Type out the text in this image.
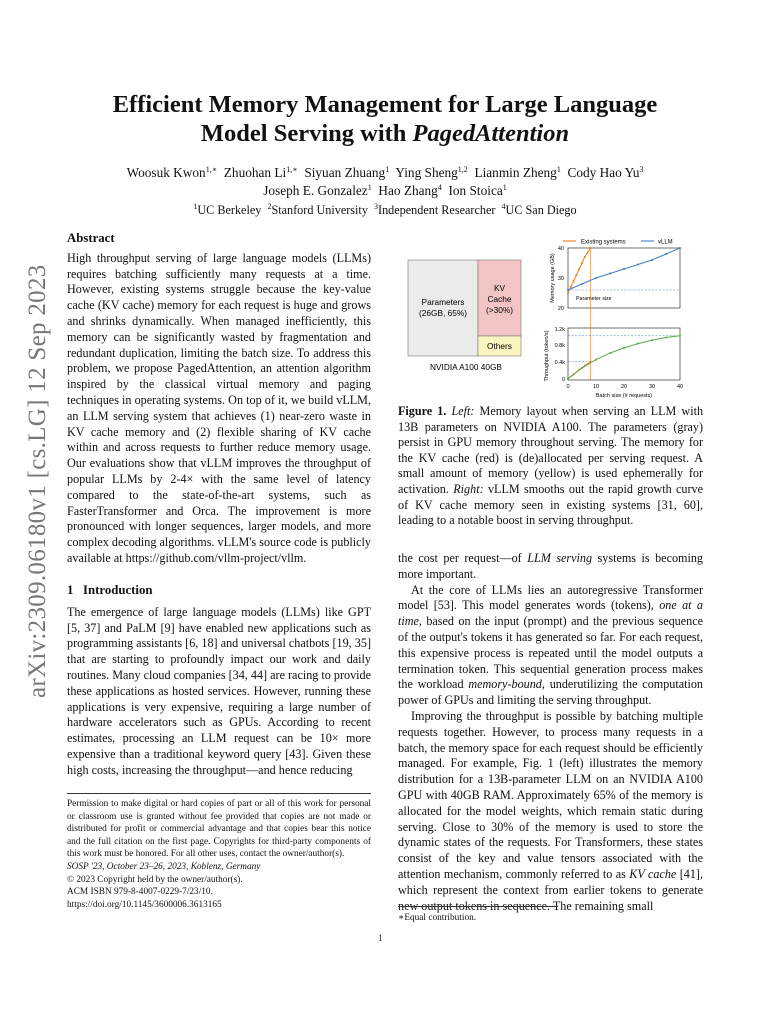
arXiv:2309.06180v1 [cs.LG] 12 Sep 2023
Efficient Memory Management for Large Language
Model Serving with PagedAttention
Woosuk Kwon$^{1,∗}$ Zhuohan $Li^{1,∗}$ Siyuan Zhuang$^1$ Ying Sheng$^{1,2}$ Lianmin Zheng$^1$ Cody Hao Yu$^3$
Joseph E. Gonzalez$^1$ Hao Zhang$^4$ Ion Stoica$^1$
$^1$UC Berkeley $^2$Stanford University $^3$Independent Researcher $^4$UC San Diego
Abstract

High throughput serving of large language models (LLMs) requires batching sufficiently many requests at a time. However, existing systems struggle because the key-value cache (KV cache) memory for each request is huge and grows and shrinks dynamically. When managed inefficiently, this memory can be significantly wasted by fragmentation and redundant duplication, limiting the batch size. To address this problem, we propose PagedAttention, an attention algorithm inspired by the classical virtual memory and paging techniques in operating systems. On top of it, we build vLLM, an LLM serving system that achieves (1) near-zero waste in KV cache memory and (2) flexible sharing of KV cache within and across requests to further reduce memory usage. Our evaluations show that vLLM improves the throughput of popular LLMs by 2-4× with the same level of latency compared to the state-of-the-art systems, such as FasterTransformer and Orca. The improvement is more pronounced with longer sequences, larger models, and more complex decoding algorithms. vLLM's source code is publicly available at https://github.com/vllm-project/vllm.

1 Introduction

The emergence of large language models (LLMs) like GPT [5, 37] and PaLM [9] have enabled new applications such as programming assistants [6, 18] and universal chatbots [19, 35] that are starting to profoundly impact our work and daily routines. Many cloud companies [34, 44] are racing to provide these applications as hosted services. However, running these applications is very expensive, requiring a large number of hardware accelerators such as GPUs. According to recent estimates, processing an LLM request can be 10× more expensive than a traditional keyword query [43]. Given these high costs, increasing the throughput—and hence reducing

Permission to make digital or hard copies of part or all of this work for personal or classroom use is granted without fee provided that copies are not made or distributed for profit or commercial advantage and that copies bear this notice and the full citation on the first page. Copyrights for third-party components of this work must be honored. For all other uses, contact the owner/author(s).

SOSP '23, October 23–26, 2023, Koblenz, Germany

© 2023 Copyright held by the owner/author(s).

ACM ISBN 979-8-4007-0229-7/23/10.

https://doi.org/10.1145/3600006.3613165

Parameters
(26GB, 65%)
KV
Cache
(>30%)
Others
NVIDIA A100 40GB
Existing systems	vLLM
Memory usage (GB)
40
30
20
Parameter size
Throughput (token/s)
1.2k
0.8k
0.4k
0
0	10	20	30	40
Batch size (# requests)

Figure 1. Left: Memory layout when serving an LLM with 13B parameters on NVIDIA A100. The parameters (gray) persist in GPU memory throughout serving. The memory for the KV cache (red) is (de)allocated per serving request. A small amount of memory (yellow) is used ephemerally for activation. Right: vLLM smooths out the rapid growth curve of KV cache memory seen in existing systems [31, 60], leading to a notable boost in serving throughput.

the cost per request—of LLM serving systems is becoming more important.

At the core of LLMs lies an autoregressive Transformer model [53]. This model generates words (tokens), one at a time, based on the input (prompt) and the previous sequence of the output's tokens it has generated so far. For each request, this expensive process is repeated until the model outputs a termination token. This sequential generation process makes the workload memory-bound, underutilizing the computation power of GPUs and limiting the serving throughput.

Improving the throughput is possible by batching multiple requests together. However, to process many requests in a batch, the memory space for each request should be efficiently managed. For example, Fig. 1 (left) illustrates the memory distribution for a 13B-parameter LLM on an NVIDIA A100 GPU with 40GB RAM. Approximately 65% of the memory is allocated for the model weights, which remain static during serving. Close to 30% of the memory is used to store the dynamic states of the requests. For Transformers, these states consist of the key and value tensors associated with the attention mechanism, commonly referred to as KV cache [41], which represent the context from earlier tokens to generate new output tokens in sequence. The remaining small

∗Equal contribution.
1
